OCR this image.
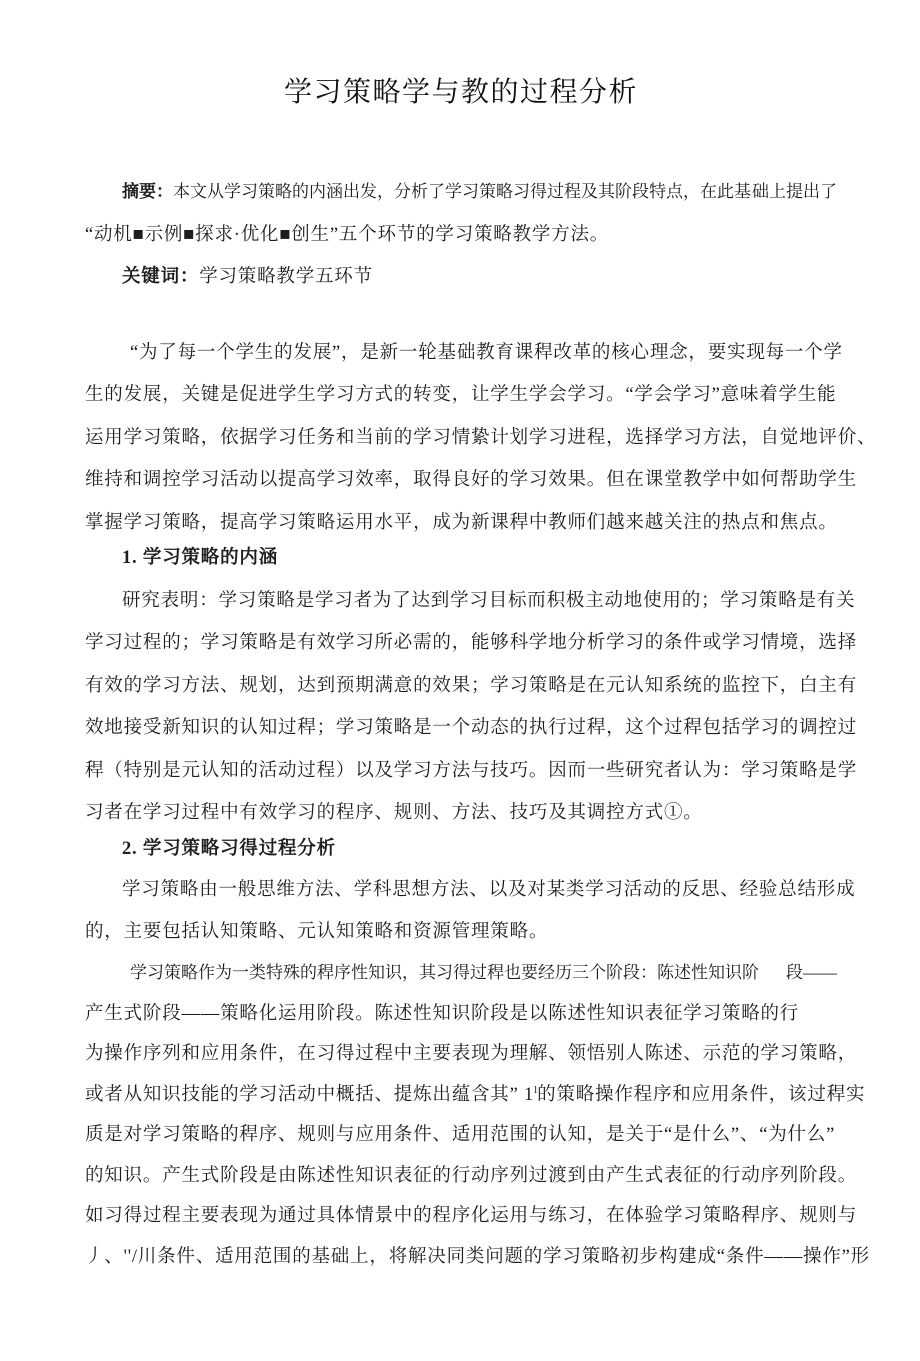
学习策略学与教的过程分析
摘要：本文从学习策略的内涵出发，分析了学习策略习得过程及其阶段特点，在此基 础上提出了
“动机■示例■探求·优化■创生”五个环节的学习策略教学方法。
关键词：学习策略教学五环节
“为了每一个学生的发展”，是新一轮基础教育课稈改革的核心理念，要实现每一个学
生的发展，关键是促进学生学习方式的转变，让学生学会学习。“学会学习”意味着学生能
运用学习策略，依据学习任务和当前的学习情絷计划学习进程，选择学习方法，自觉地评价、
维持和调控学习活动以提高学习效率，取得良好的学习效果。但在课堂教学中如何帮助学生
掌握学习策略，提高学习策略运用水平，成为新课稈中教师们越来越关注的热点和焦点。
1. 学习策略的内涵
研究表明：学习策略是学习者为了达到学习目标而积极主动地使用的；学习策略是有关
学习过程的；学习策略是有效学习所必需的，能够科学地分析学习的条件或学习情境，选择
有效的学习方法、规划，达到预期满意的效果；学习策略是在元认知系统的监控下，白主有
效地接受新知识的认知过稈；学习策略是一个动态的执行过稈，这个过稈包括学习的调控过
稈（特别是元认知的活动过程）以及学习方法与技巧。因而一些研究者认为：学习策略是学
习者在学习过程中有效学习的程序、规则、方法、技巧及其调控方式①。
2. 学习策略习得过程分析
学习策略由一般思维方法、学科思想方法、以及对某类学习活动的反思、经验总结形成
的，主要包括认知策略、元认知策略和资源管理策略。
学习策略作为一类特殊的稈序性知识，其习得过稈也要经历三个阶段：陈述性知识阶 段——
产生式阶段——策略化运用阶段。陈述性知识阶段是以陈述性知识表征学习策略的行
为操作序列和应用条件，在习得过程中主要表现为理解、领悟别人陈述、示范的学习策略，
或者从知识技能的学习活动中概括、提炼出蕴含其” 1$^l$的策略操作程序和应用条件，该过稈实
质是对学习策略的稈序、规则与应用条件、适用范围的认知，是关于“是什么”、“为什么”
的知识。产生式阶段是由陈述性知识表征的行动序列过渡到由产生式表征的行动序列阶段。
如习得过程主要表现为通过具体情景中的程序化运用与练习，在体验学习策略稈序、规则与
丿、''/川条件、适用范围的基础上，将解决同类问题的学习策略初步构建成“条件——操作”形
